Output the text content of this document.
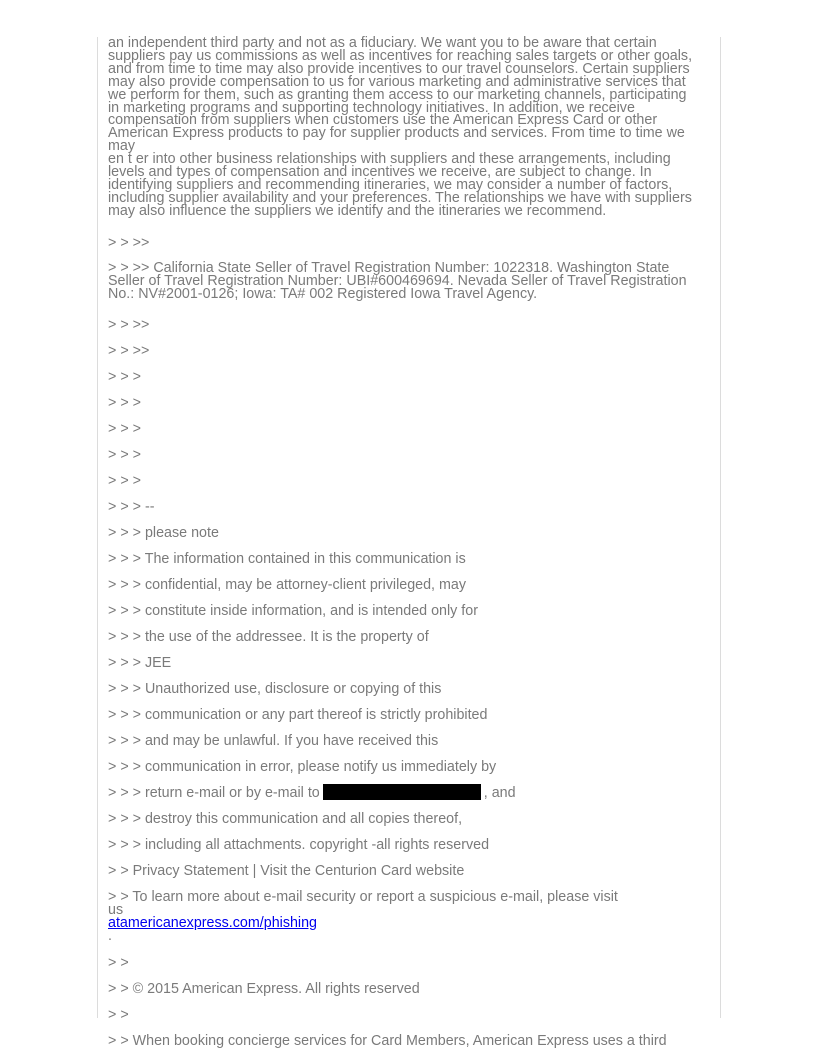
an independent third party and not as a fiduciary. We want you to be aware that certain
suppliers pay us commissions as well as incentives for reaching sales targets or other goals,
and from time to time may also provide incentives to our travel counselors. Certain suppliers
may also provide compensation to us for various marketing and administrative services that
we perform for them, such as granting them access to our marketing channels, participating
in marketing programs and supporting technology initiatives. In addition, we receive
compensation from suppliers when customers use the American Express Card or other
American Express products to pay for supplier products and services. From time to time we
may
en t er into other business relationships with suppliers and these arrangements, including
levels and types of compensation and incentives we receive, are subject to change. In
identifying suppliers and recommending itineraries, we may consider a number of factors,
including supplier availability and your preferences. The relationships we have with suppliers
may also influence the suppliers we identify and the itineraries we recommend.

> > >>

> > >> California State Seller of Travel Registration Number: 1022318. Washington State
Seller of Travel Registration Number: UBI#600469694. Nevada Seller of Travel Registration
No.: NV#2001-0126; Iowa: TA# 002 Registered Iowa Travel Agency.

> > >>
> > >>
> > >
> > >
> > >
> > >
> > >
> > > --
> > > please note
> > > The information contained in this communication is
> > > confidential, may be attorney-client privileged, may
> > > constitute inside information, and is intended only for
> > > the use of the addressee. It is the property of
> > > JEE
> > > Unauthorized use, disclosure or copying of this
> > > communication or any part thereof is strictly prohibited
> > > and may be unlawful. If you have received this
> > > communication in error, please notify us immediately by
> > > return e-mail or by e-mail to	, and
> > > destroy this communication and all copies thereof,
> > > including all attachments. copyright -all rights reserved
> > Privacy Statement | Visit the Centurion Card website

> > To learn more about e-mail security or report a suspicious e-mail, please visit
us
atamericanexpress.com/phishing
.

> >
> > © 2015 American Express. All rights reserved
> >
> > When booking concierge services for Card Members, American Express uses a third
